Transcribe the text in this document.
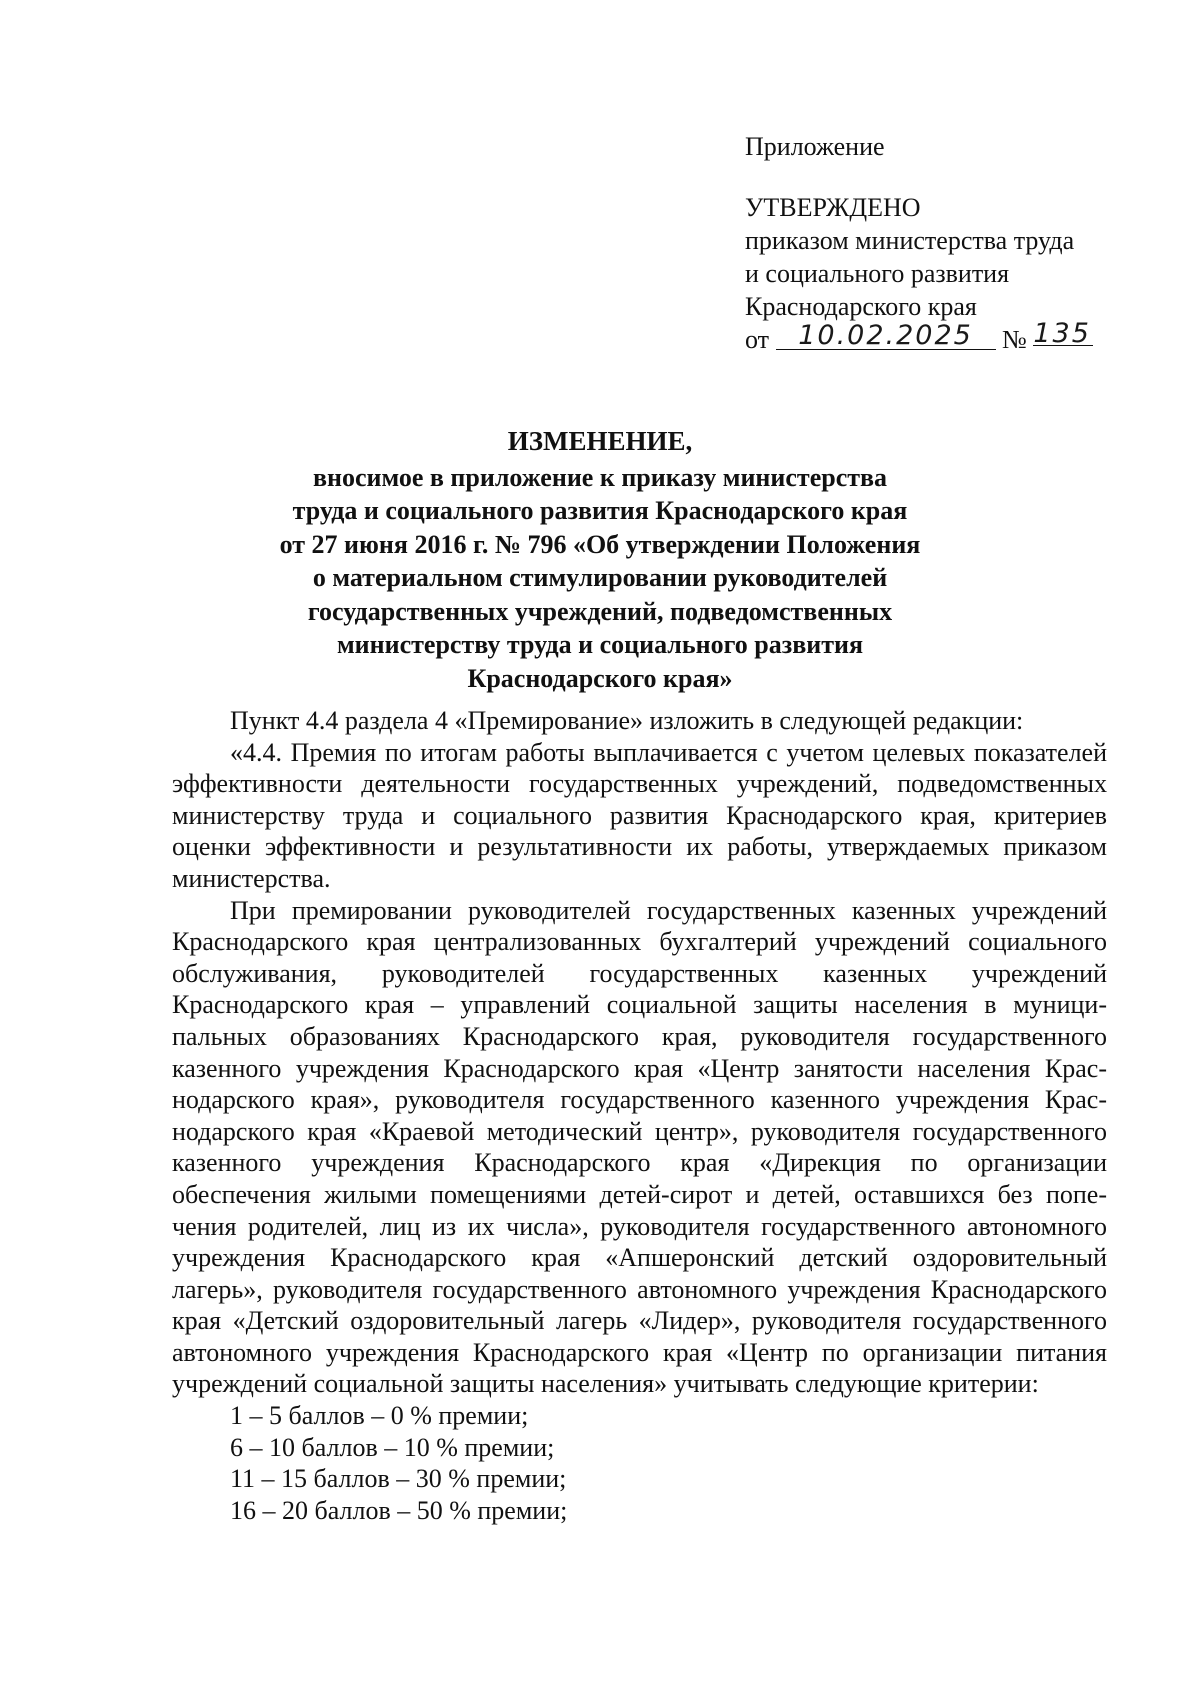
Приложение
УТВЕРЖДЕНО
приказом министерства труда
и социального развития
Краснодарского края
от 10.02.2025 № 135
ИЗМЕНЕНИЕ,
вносимое в приложение к приказу министерства
труда и социального развития Краснодарского края
от 27 июня 2016 г. № 796 «Об утверждении Положения
о материальном стимулировании руководителей
государственных учреждений, подведомственных
министерству труда и социального развития
Краснодарского края»

Пункт 4.4 раздела 4 «Премирование» изложить в следующей редакции:

«4.4. Премия по итогам работы выплачивается с учетом целевых показателей эффективности деятельности государственных учреждений, подведомственных министерству труда и социального развития Краснодарского края, критериев оценки эффективности и результативности их работы, утверждаемых приказом министерства.

При премировании руководителей государственных казенных учреждений Краснодарского края централизованных бухгалтерий учреждений социального обслуживания, руководителей государственных казенных учреждений Краснодарского края – управлений социальной защиты населения в муниципальных образованиях Краснодарского края, руководителя государственного казенного учреждения Краснодарского края «Центр занятости населения Краснодарского края», руководителя государственного казенного учреждения Краснодарского края «Краевой методический центр», руководителя государственного казенного учреждения Краснодарского края «Дирекция по организации обеспечения жилыми помещениями детей-сирот и детей, оставшихся без попечения родителей, лиц из их числа», руководителя государственного автономного учреждения Краснодарского края «Апшеронский детский оздоровительный лагерь», руководителя государственного автономного учреждения Краснодарского края «Детский оздоровительный лагерь «Лидер», руководителя государственного автономного учреждения Краснодарского края «Центр по организации питания учреждений социальной защиты населения» учитывать следующие критерии:

1 – 5 баллов – 0 % премии;

6 – 10 баллов – 10 % премии;

11 – 15 баллов – 30 % премии;

16 – 20 баллов – 50 % премии;
